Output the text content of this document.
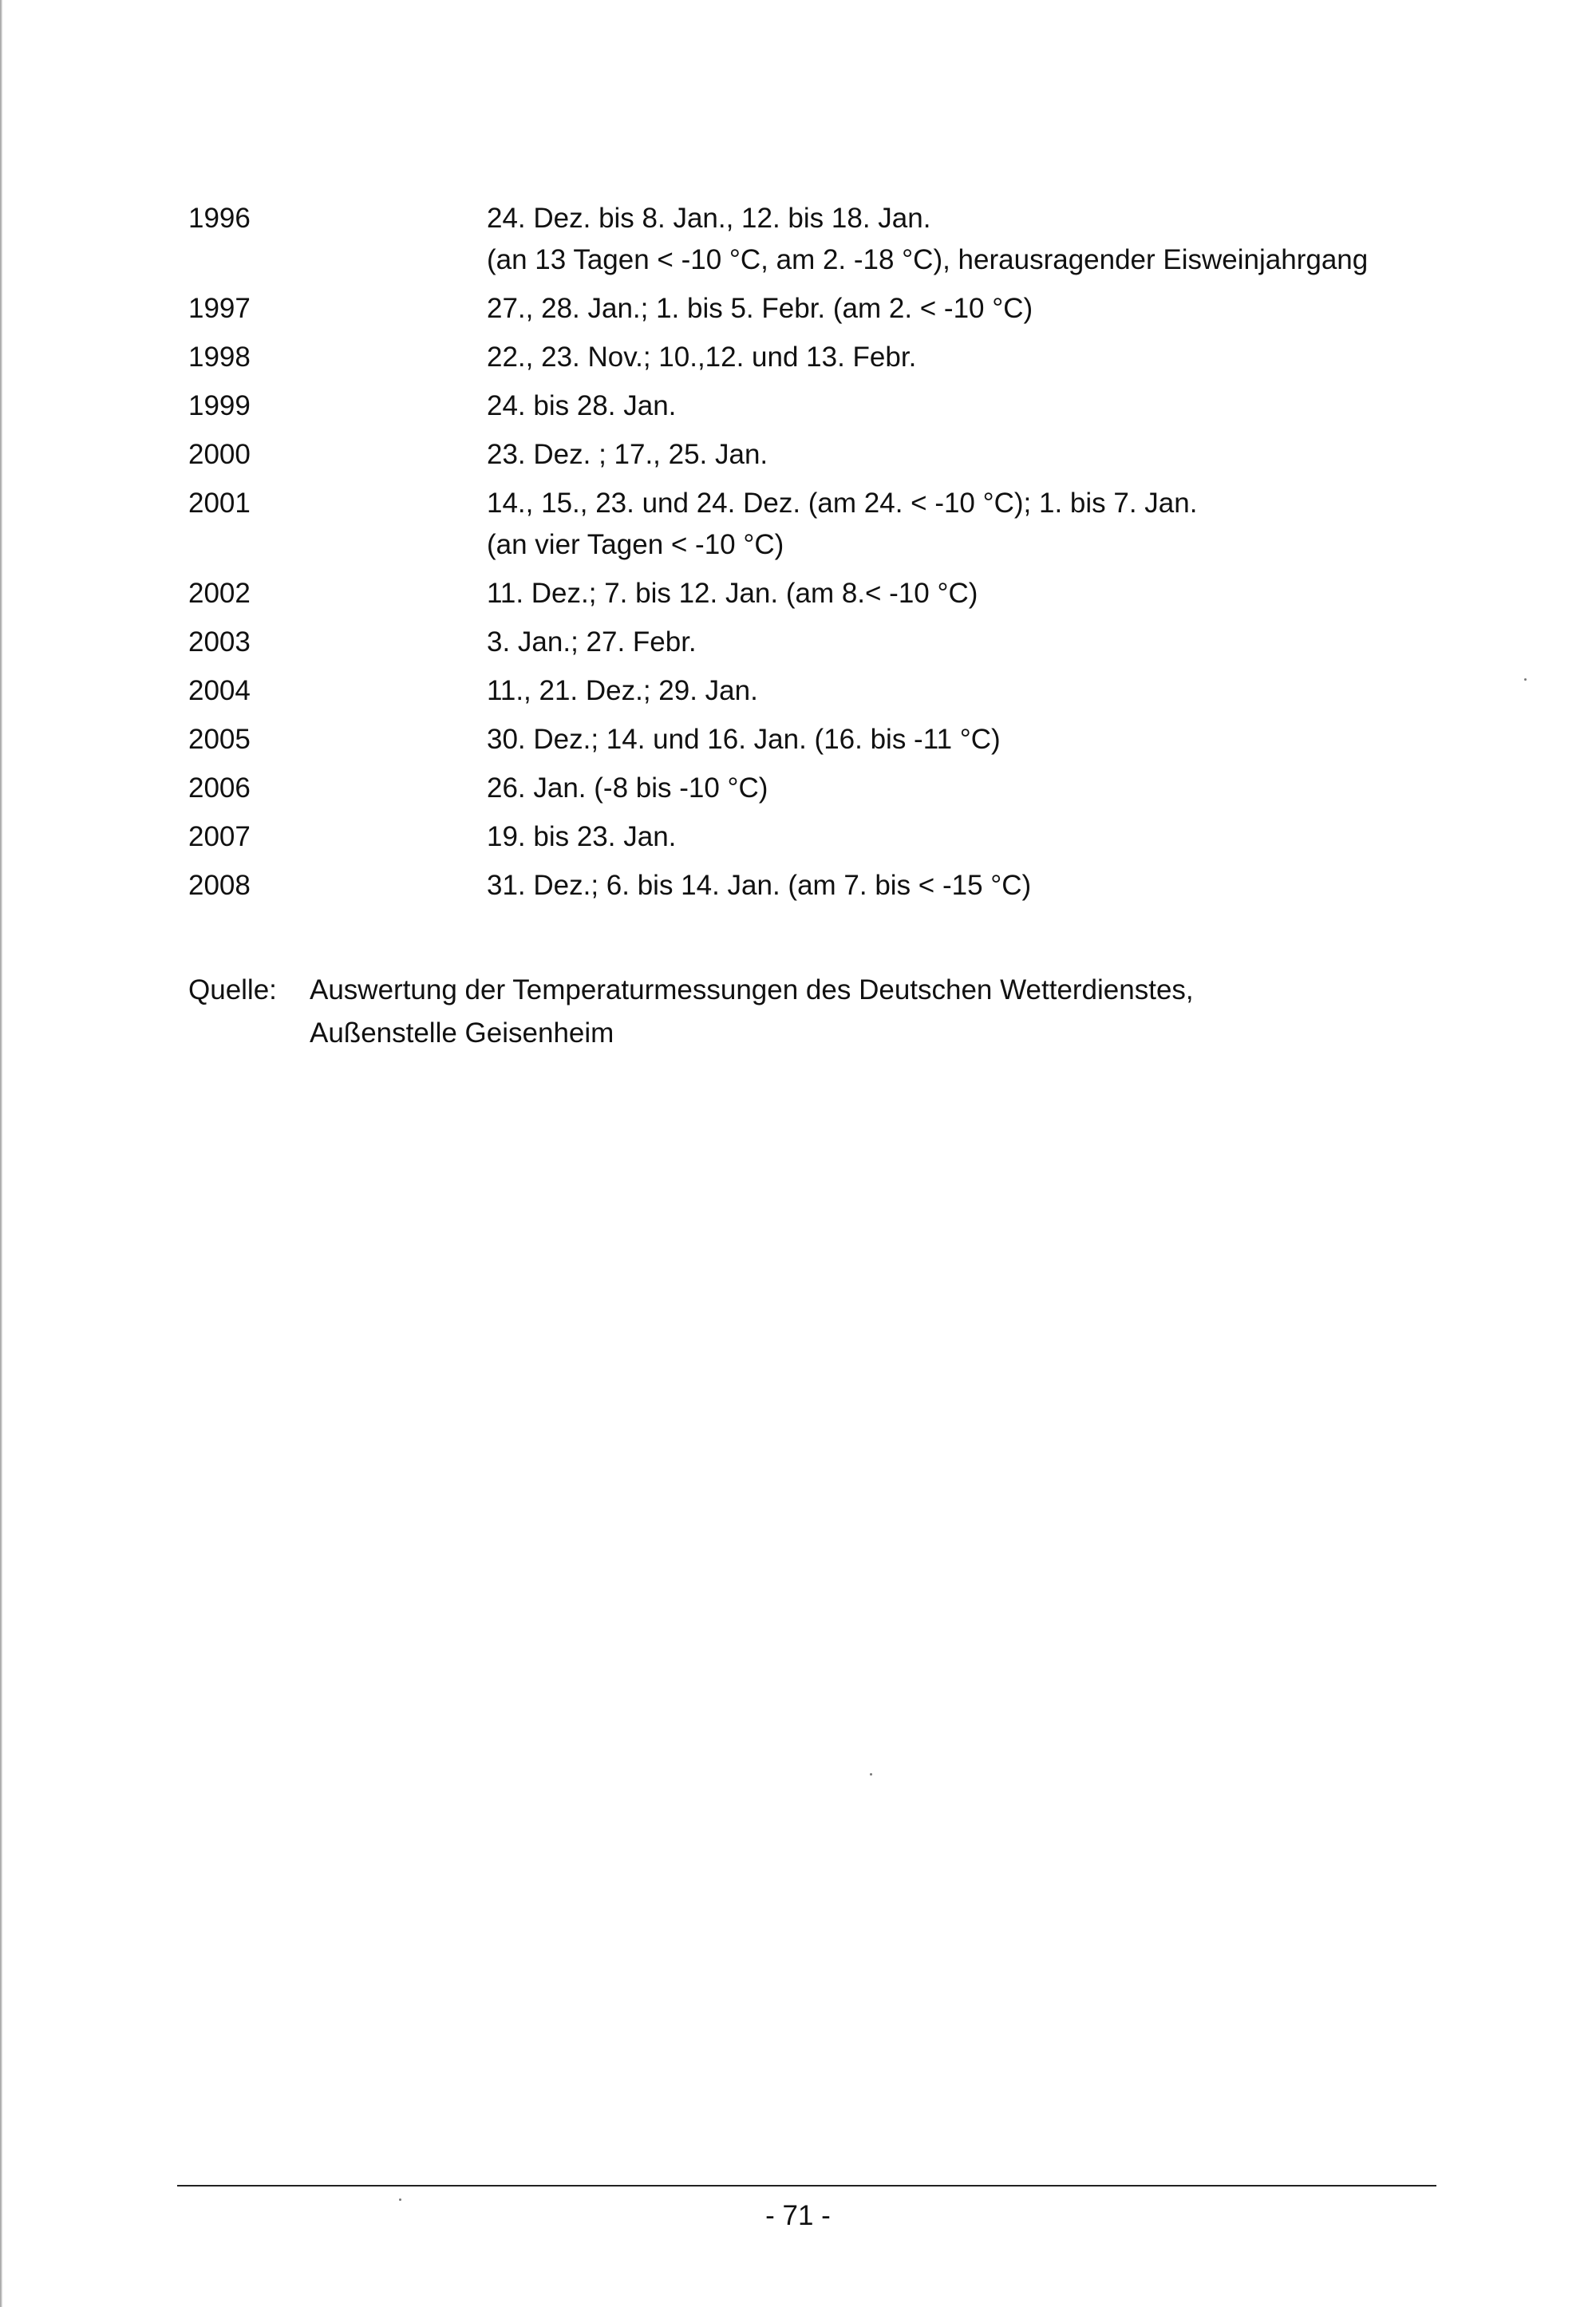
1996	24. Dez. bis 8. Jan., 12. bis 18. Jan.
(an 13 Tagen < -10 °C, am 2. -18 °C), herausragender Eisweinjahrgang
1997	27., 28. Jan.; 1. bis 5. Febr. (am 2. < -10 °C)
1998	22., 23. Nov.; 10.,12. und 13. Febr.
1999	24. bis 28. Jan.
2000	23. Dez. ; 17., 25. Jan.
2001	14., 15., 23. und 24. Dez. (am 24. < -10 °C); 1. bis 7. Jan.
(an vier Tagen < -10 °C)
2002	11. Dez.; 7. bis 12. Jan. (am 8.< -10 °C)
2003	3. Jan.; 27. Febr.
2004	11., 21. Dez.; 29. Jan.
2005	30. Dez.; 14. und 16. Jan. (16. bis -11 °C)
2006	26. Jan. (-8 bis -10 °C)
2007	19. bis 23. Jan.
2008	31. Dez.; 6. bis 14. Jan. (am 7. bis < -15 °C)
Quelle: Auswertung der Temperaturmessungen des Deutschen Wetterdienstes,
Außenstelle Geisenheim
- 71 -
